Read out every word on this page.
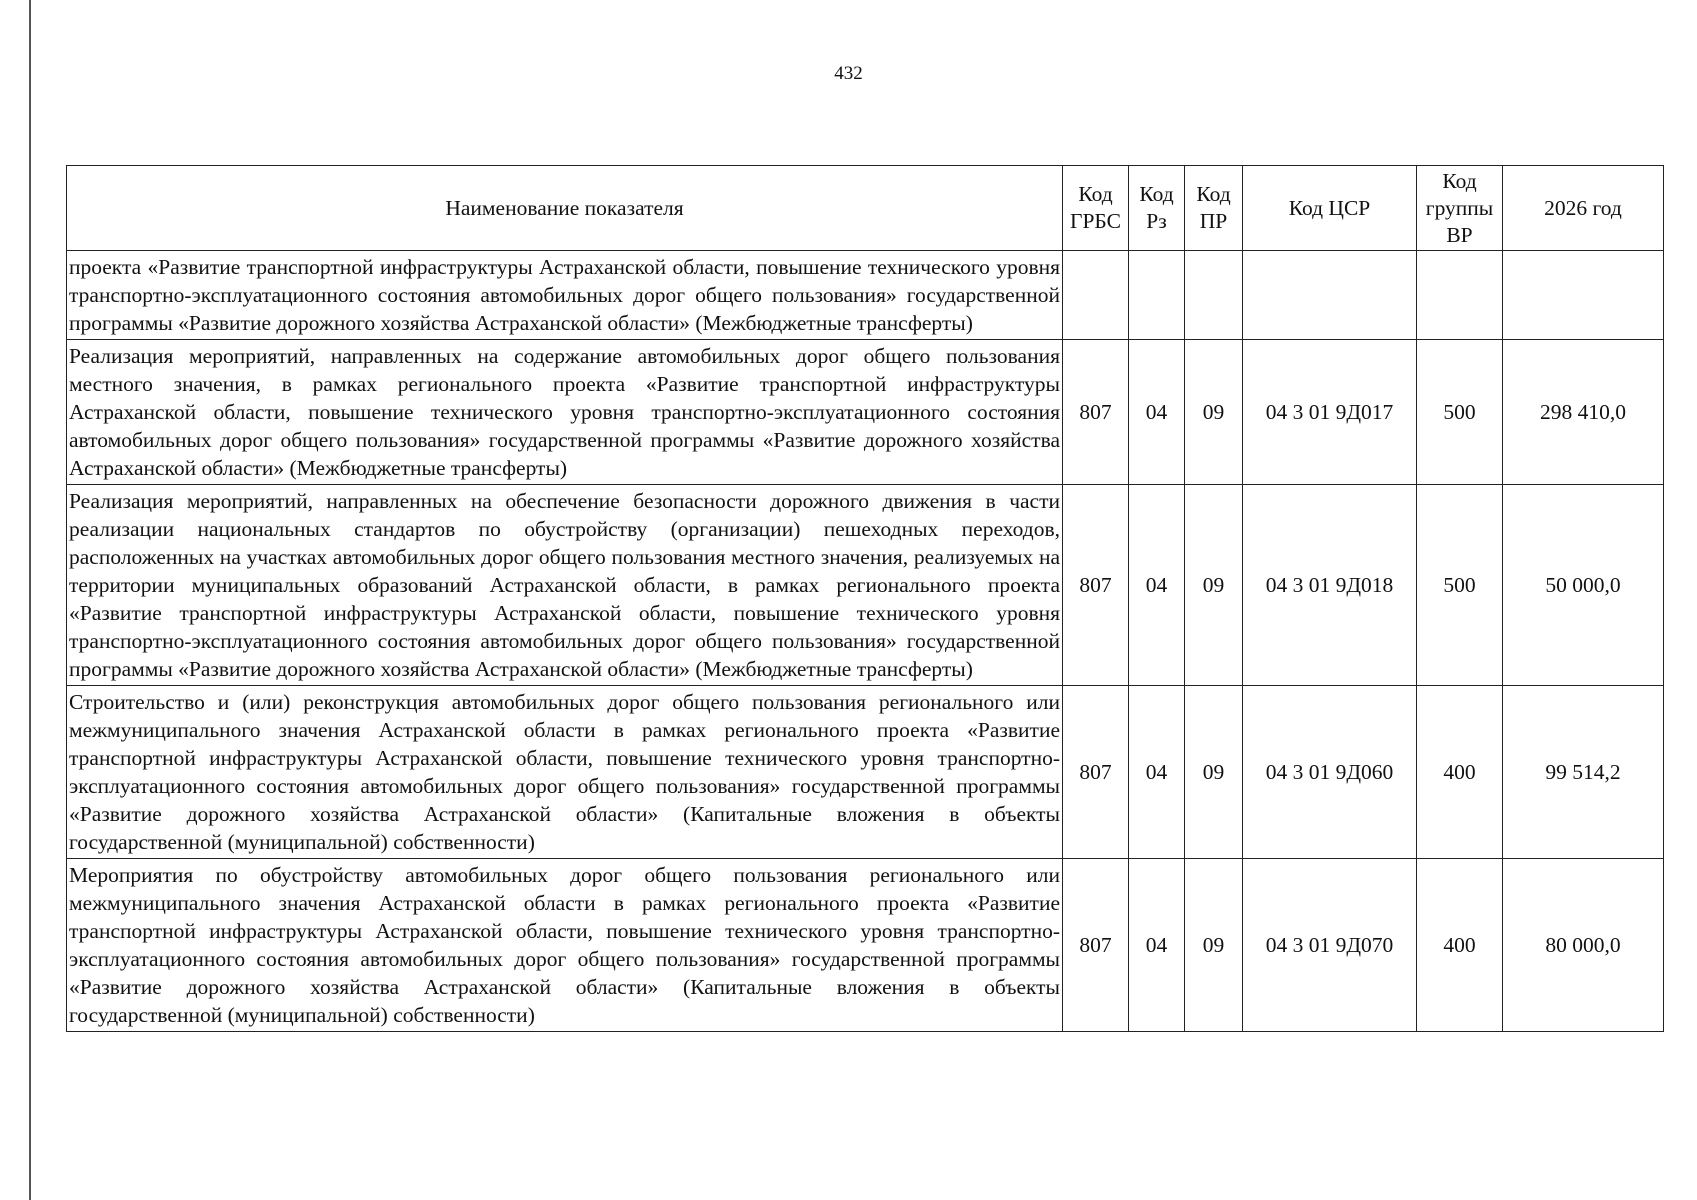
432
Наименование показателя	Код ГРБС	Код Рз	Код ПР	Код ЦСР	Код группы ВР	2026 год
проекта «Развитие транспортной инфраструктуры Астраханской области, повышение технического уровня транспортно-эксплуатационного состояния автомобильных дорог общего пользования» государственной программы «Развитие дорожного хозяйства Астраханской области» (Межбюджетные трансферты)						
Реализация мероприятий, направленных на содержание автомобильных дорог общего пользования местного значения, в рамках регионального проекта «Развитие транспортной инфраструктуры Астраханской области, повышение технического уровня транспортно-эксплуатационного состояния автомобильных дорог общего пользования» государственной программы «Развитие дорожного хозяйства Астраханской области» (Межбюджетные трансферты)	807	04	09	04 3 01 9Д017	500	298 410,0
Реализация мероприятий, направленных на обеспечение безопасности дорожного движения в части реализации национальных стандартов по обустройству (организации) пешеходных переходов, расположенных на участках автомобильных дорог общего пользования местного значения, реализуемых на территории муниципальных образований Астраханской области, в рамках регионального проекта «Развитие транспортной инфраструктуры Астраханской области, повышение технического уровня транспортно-эксплуатационного состояния автомобильных дорог общего пользования» государственной программы «Развитие дорожного хозяйства Астраханской области» (Межбюджетные трансферты)	807	04	09	04 3 01 9Д018	500	50 000,0
Строительство и (или) реконструкция автомобильных дорог общего пользования регионального или межмуниципального значения Астраханской области в рамках регионального проекта «Развитие транспортной инфраструктуры Астраханской области, повышение технического уровня транспортно-эксплуатационного состояния автомобильных дорог общего пользования» государственной программы «Развитие дорожного хозяйства Астраханской области» (Капитальные вложения в объекты государственной (муниципальной) собственности)	807	04	09	04 3 01 9Д060	400	99 514,2
Мероприятия по обустройству автомобильных дорог общего пользования регионального или межмуниципального значения Астраханской области в рамках регионального проекта «Развитие транспортной инфраструктуры Астраханской области, повышение технического уровня транспортно-эксплуатационного состояния автомобильных дорог общего пользования» государственной программы «Развитие дорожного хозяйства Астраханской области» (Капитальные вложения в объекты государственной (муниципальной) собственности)	807	04	09	04 3 01 9Д070	400	80 000,0
